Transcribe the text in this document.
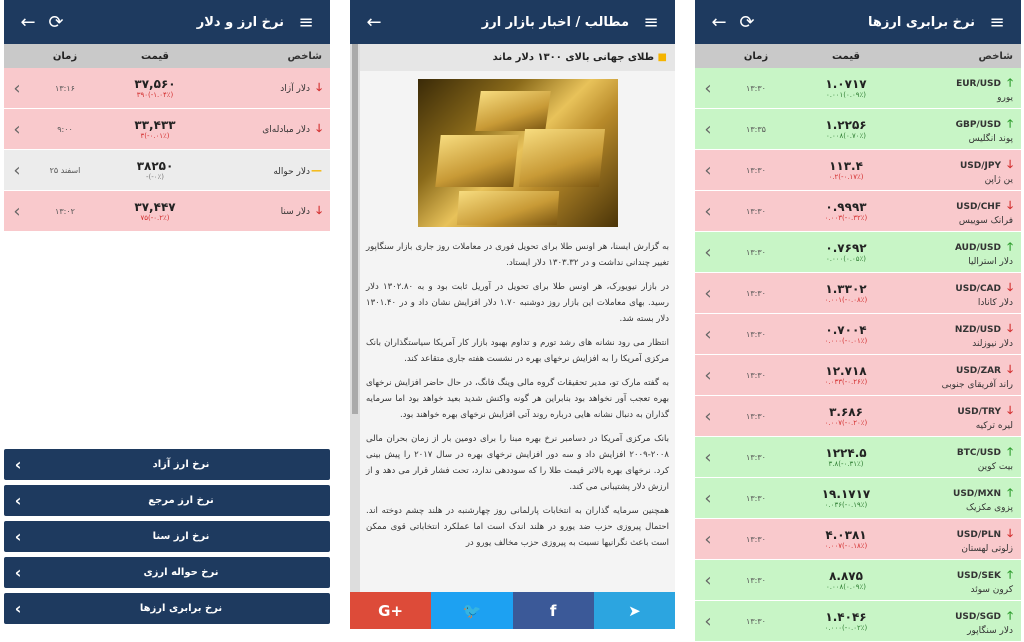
← ⟳	نرخ ارز و دلار ≡
زمان	قیمت	شاخص
‹	۱۳:۱۶	۳۷,۵۶۰
۳۹۰(-۱.۰۴٪)
🡓دلار آزاد
‹	۹:۰۰	۳۳,۴۳۳
۳(-۰.۰۱٪)
🡓دلار مبادله‌ای
‹	۲۵ اسفند	۳۸۲۵۰
-(-۰٪)
—دلار حواله
‹	۱۳:۰۲	۳۷,۴۴۷
۷۵(-۰.۲٪)
🡓دلار سنا
‹	نرخ ارز آزاد
‹	نرخ ارز مرجع
‹	نرخ ارز سنا
‹	نرخ حواله ارزی
‹	نرخ برابری ارزها
←	مطالب / اخبار بازار ارز ≡
■ طلای جهانی بالای ۱۳۰۰ دلار ماند

به گزارش ایسنا، هر اونس طلا برای تحویل فوری در معاملات روز جاری بازار سنگاپور تغییر چندانی نداشت و در ۱۳۰۳.۳۲ دلار ایستاد.

در بازار نیویورک، هر اونس طلا برای تحویل در آوریل ثابت بود و به ۱۳۰۲.۸۰ دلار رسید. بهای معاملات این بازار روز دوشنبه ۱.۷۰ دلار افزایش نشان داد و در ۱۳۰۱.۴۰ دلار بسته شد.

انتظار می رود نشانه های رشد تورم و تداوم بهبود بازار کار آمریکا سیاستگذاران بانک مرکزی آمریکا را به افزایش نرخهای بهره در نشست هفته جاری متقاعد کند.

به گفته مارک تو، مدیر تحقیقات گروه مالی وینگ فانگ، در حال حاضر افزایش نرخهای بهره تعجب آور نخواهد بود بنابراین هر گونه واکنش شدید بعید خواهد بود اما سرمایه گذاران به دنبال نشانه هایی درباره روند آتی افزایش نرخهای بهره خواهند بود.

بانک مرکزی آمریکا در دسامبر نرخ بهره مبنا را برای دومین بار از زمان بحران مالی ۲۰۰۸-۲۰۰۹ افزایش داد و سه دور افزایش نرخهای بهره در سال ۲۰۱۷ را پیش بینی کرد. نرخهای بهره بالاتر قیمت طلا را که سوددهی ندارد، تحت فشار قرار می دهد و از ارزش دلار پشتیبانی می کند.

همچنین سرمایه گذاران به انتخابات پارلمانی روز چهارشنبه در هلند چشم دوخته اند. احتمال پیروزی حزب ضد یورو در هلند اندک است اما عملکرد انتخاباتی قوی ممکن است باعث نگرانیها نسبت به پیروزی حزب مخالف یورو در

G+	🐦	f	➤
← ⟳	نرخ برابری ارزها ≡
زمان	قیمت	شاخص
‹	۱۳:۳۰	۱.۰۷۱۷
۰.۰۰۱(۰.۰۹٪)
🡑EUR/USD
یورو
‹	۱۳:۳۵	۱.۲۲۵۶
۰.۰۰۸(۰.۷۰٪)
🡑GBP/USD
پوند انگلیس
‹	۱۳:۳۰	۱۱۳.۴
۰.۲(-۰.۱۷٪)
🡓USD/JPY
ین ژاپن
‹	۱۳:۳۰	۰.۹۹۹۳
۰.۰۰۳(-۰.۳۲٪)
🡓USD/CHF
فرانک سوییس
‹	۱۳:۳۰	۰.۷۶۹۲
۰.۰۰۰(۰.۰۵٪)
🡑AUD/USD
دلار استرالیا
‹	۱۳:۳۰	۱.۳۳۰۲
۰.۰۰۱(-۰.۰۸٪)
🡓USD/CAD
دلار کانادا
‹	۱۳:۳۰	۰.۷۰۰۴
۰.۰۰۰(-۰.۰۱٪)
🡓NZD/USD
دلار نیوزلند
‹	۱۳:۳۰	۱۲.۷۱۸
۰.۰۳۳(-۰.۲۶٪)
🡓USD/ZAR
راند آفریقای جنوبی
‹	۱۳:۳۰	۳.۶۸۶
۰.۰۰۷(-۰.۲۰٪)
🡓USD/TRY
لیره ترکیه
‹	۱۳:۳۰	۱۲۲۴.۵
۳.۸(-۰.۳۱٪)
🡑BTC/USD
بیت کوین
‹	۱۳:۳۰	۱۹.۱۷۱۷
۰.۰۳۶(-۰.۱۹٪)
🡑USD/MXN
پزوی مکزیک
‹	۱۳:۳۰	۴.۰۳۸۱
۰.۰۰۷(-۰.۱۸٪)
🡓USD/PLN
زلوتی لهستان
‹	۱۳:۳۰	۸.۸۷۵
۰.۰۰۸(۰.۰۹٪)
🡑USD/SEK
کرون سوئد
‹	۱۳:۳۰	۱.۴۰۴۶
۰.۰۰۰(-۰.۰۲٪)
🡑USD/SGD
دلار سنگاپور
